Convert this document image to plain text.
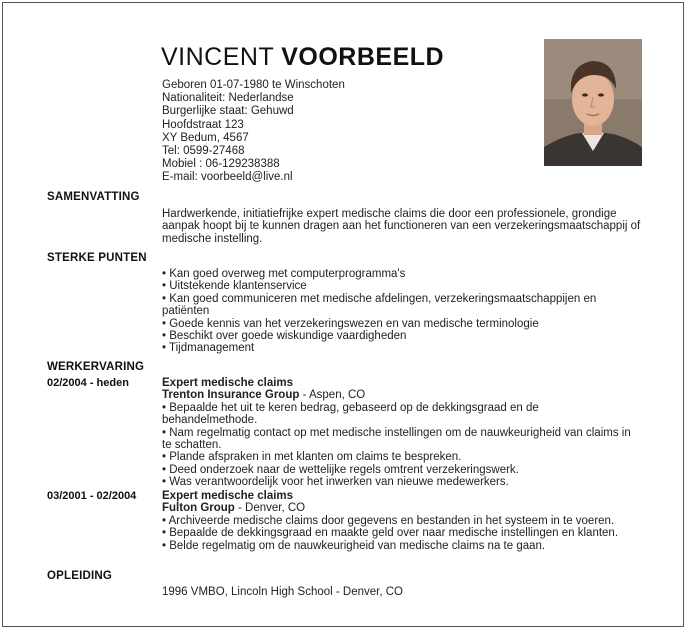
VINCENT VOORBEELD
Geboren 01-07-1980 te Winschoten
Nationaliteit: Nederlandse
Burgerlijke staat: Gehuwd
Hoofdstraat 123
XY Bedum, 4567
Tel: 0599-27468
Mobiel : 06-129238388
E-mail: voorbeeld@live.nl
SAMENVATTING
Hardwerkende, initiatiefrijke expert medische claims die door een professionele, grondige aanpak hoopt bij te kunnen dragen aan het functioneren van een verzekeringsmaatschappij of medische instelling.
STERKE PUNTEN
• Kan goed overweg met computerprogramma's
• Uitstekende klantenservice
• Kan goed communiceren met medische afdelingen, verzekeringsmaatschappijen en patiënten
• Goede kennis van het verzekeringswezen en van medische terminologie
• Beschikt over goede wiskundige vaardigheden
• Tijdmanagement
WERKERVARING
02/2004 - heden	Expert medische claims
Trenton Insurance Group - Aspen, CO
• Bepaalde het uit te keren bedrag, gebaseerd op de dekkingsgraad en de behandelmethode.
• Nam regelmatig contact op met medische instellingen om de nauwkeurigheid van claims in te schatten.
• Plande afspraken in met klanten om claims te bespreken.
• Deed onderzoek naar de wettelijke regels omtrent verzekeringswerk.
• Was verantwoordelijk voor het inwerken van nieuwe medewerkers.
03/2001 - 02/2004 Expert medische claims
Fulton Group - Denver, CO
• Archiveerde medische claims door gegevens en bestanden in het systeem in te voeren.
• Bepaalde de dekkingsgraad en maakte geld over naar medische instellingen en klanten.
• Belde regelmatig om de nauwkeurigheid van medische claims na te gaan.
OPLEIDING
1996 VMBO, Lincoln High School - Denver, CO
